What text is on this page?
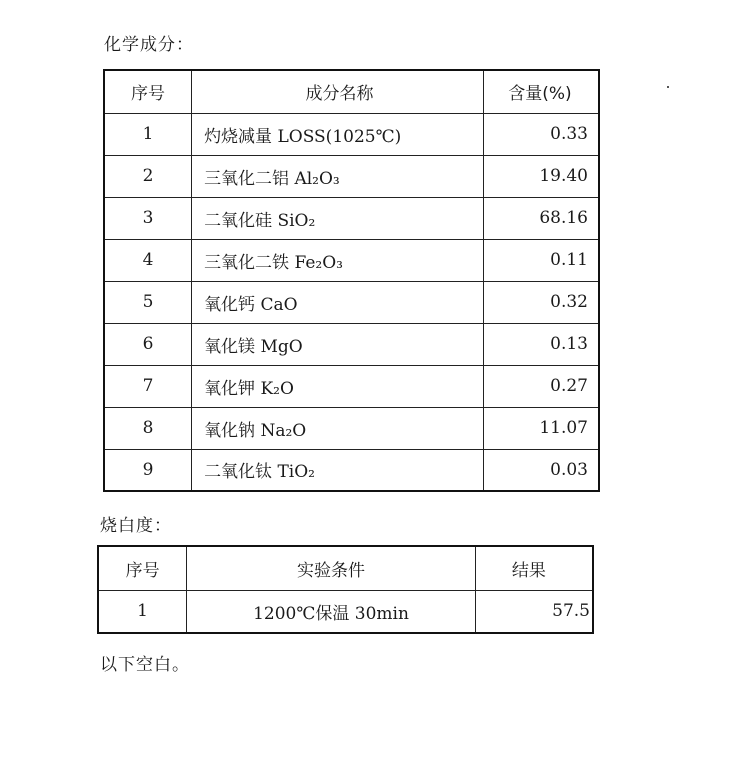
化学成分：
序号	成分名称	含量(%)
1	灼烧减量 LOSS(1025℃)	0.33
2	三氧化二铝 Al₂O₃	19.40
3	二氧化硅 SiO₂	68.16
4	三氧化二铁 Fe₂O₃	0.11
5	氧化钙 CaO	0.32
6	氧化镁 MgO	0.13
7	氧化钾 K₂O	0.27
8	氧化钠 Na₂O	11.07
9	二氧化钛 TiO₂	0.03
烧白度：
序号	实验条件	结果
1	1200℃保温 30min	57.5
以下空白。
